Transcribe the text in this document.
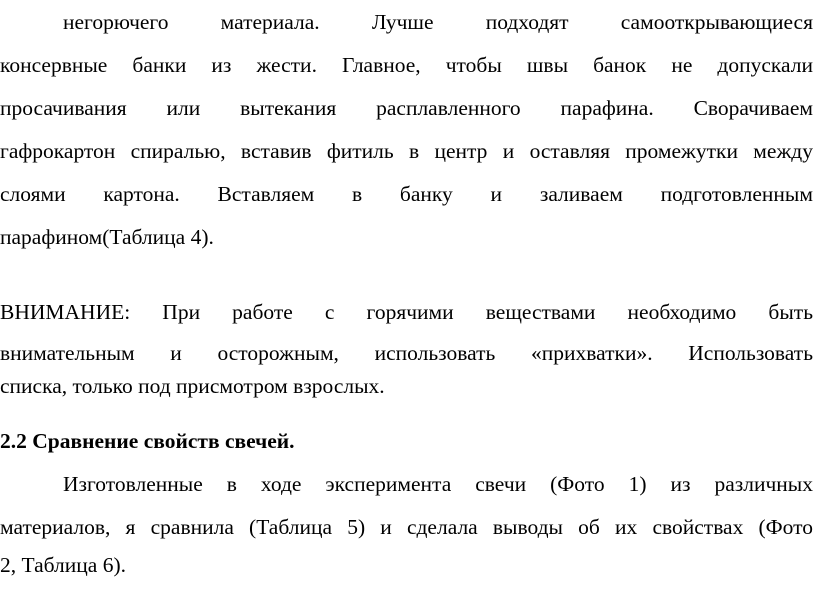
негорючего материала. Лучше подходят самооткрывающиеся
консервные банки из жести. Главное, чтобы швы банок не допускали
просачивания или вытекания расплавленного парафина. Сворачиваем
гафрокартон спиралью, вставив фитиль в центр и оставляя промежутки между
слоями картона. Вставляем в банку и заливаем подготовленным
парафином(Таблица 4).
ВНИМАНИЕ: При работе с горячими веществами необходимо быть
внимательным и осторожным, использовать «прихватки». Использовать
списка, только под присмотром взрослых.
2.2 Сравнение свойств свечей.
Изготовленные в ходе эксперимента свечи (Фото 1) из различных
материалов, я сравнила (Таблица 5) и сделала выводы об их свойствах (Фото
2, Таблица 6).
